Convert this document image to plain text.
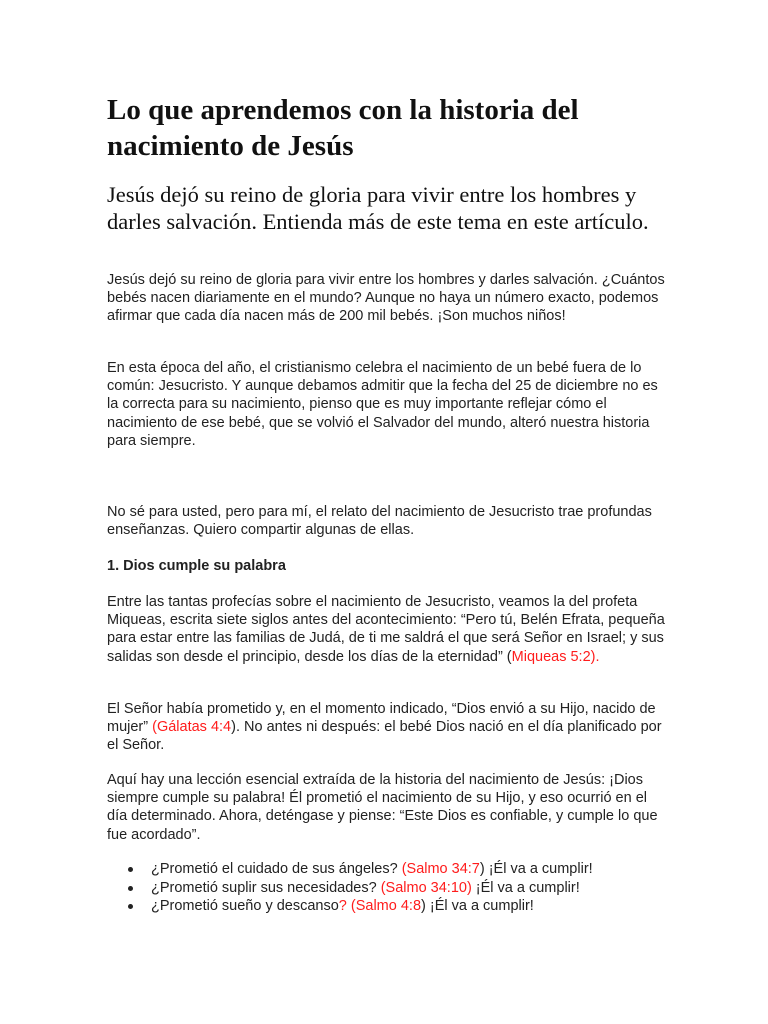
Lo que aprendemos con la historia del nacimiento de Jesús

Jesús dejó su reino de gloria para vivir entre los hombres y darles salvación. Entienda más de este tema en este artículo.

Jesús dejó su reino de gloria para vivir entre los hombres y darles salvación. ¿Cuántos bebés nacen diariamente en el mundo? Aunque no haya un número exacto, podemos afirmar que cada día nacen más de 200 mil bebés. ¡Son muchos niños!

En esta época del año, el cristianismo celebra el nacimiento de un bebé fuera de lo común: Jesucristo. Y aunque debamos admitir que la fecha del 25 de diciembre no es la correcta para su nacimiento, pienso que es muy importante reflejar cómo el nacimiento de ese bebé, que se volvió el Salvador del mundo, alteró nuestra historia para siempre.

No sé para usted, pero para mí, el relato del nacimiento de Jesucristo trae profundas enseñanzas. Quiero compartir algunas de ellas.

1. Dios cumple su palabra

Entre las tantas profecías sobre el nacimiento de Jesucristo, veamos la del profeta Miqueas, escrita siete siglos antes del acontecimiento: “Pero tú, Belén Efrata, pequeña para estar entre las familias de Judá, de ti me saldrá el que será Señor en Israel; y sus salidas son desde el principio, desde los días de la eternidad” (Miqueas 5:2).

El Señor había prometido y, en el momento indicado, “Dios envió a su Hijo, nacido de mujer” (Gálatas 4:4). No antes ni después: el bebé Dios nació en el día planificado por el Señor.

Aquí hay una lección esencial extraída de la historia del nacimiento de Jesús: ¡Dios siempre cumple su palabra! Él prometió el nacimiento de su Hijo, y eso ocurrió en el día determinado. Ahora, deténgase y piense: “Este Dios es confiable, y cumple lo que fue acordado”.

¿Prometió el cuidado de sus ángeles? (Salmo 34:7) ¡Él va a cumplir!
¿Prometió suplir sus necesidades? (Salmo 34:10) ¡Él va a cumplir!
¿Prometió sueño y descanso? (Salmo 4:8) ¡Él va a cumplir!
